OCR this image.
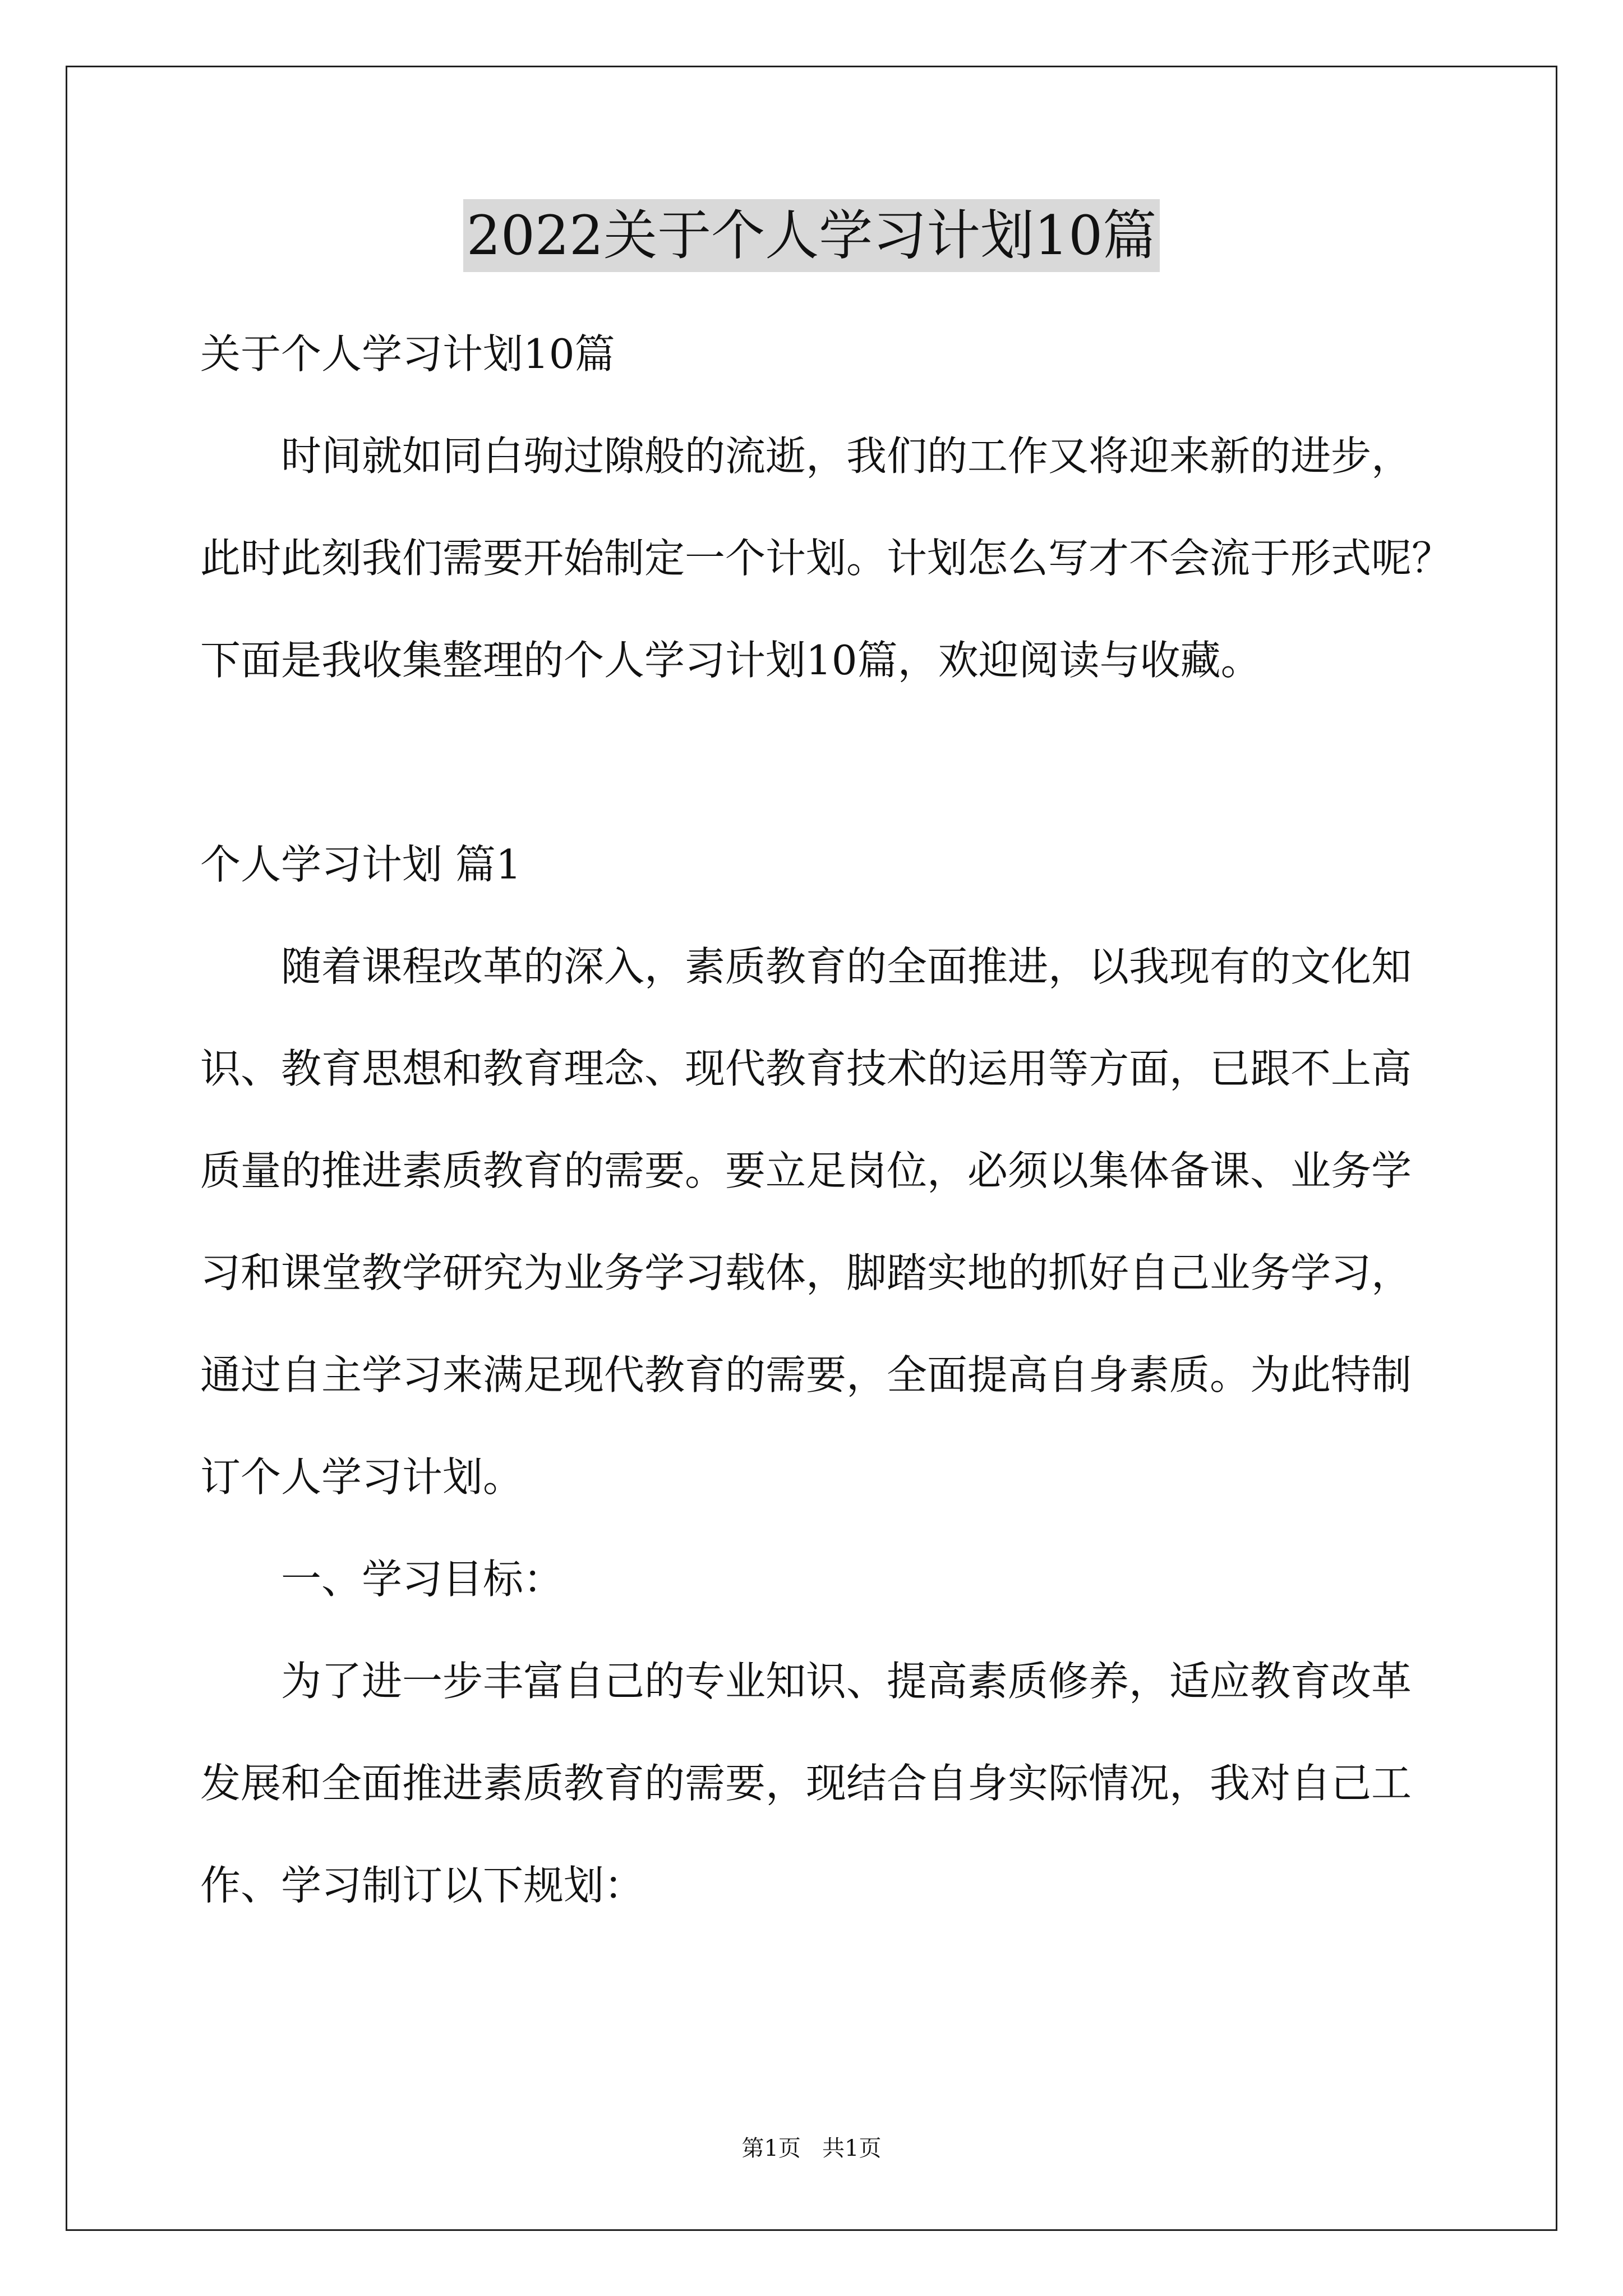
2022关于个人学习计划10篇

关于个人学习计划10篇

时间就如同白驹过隙般的流逝，我们的工作又将迎来新的进步，

此时此刻我们需要开始制定一个计划。计划怎么写才不会流于形式呢？

下面是我收集整理的个人学习计划10篇，欢迎阅读与收藏。

个人学习计划 篇1

随着课程改革的深入，素质教育的全面推进，以我现有的文化知

识、教育思想和教育理念、现代教育技术的运用等方面，已跟不上高

质量的推进素质教育的需要。要立足岗位，必须以集体备课、业务学

习和课堂教学研究为业务学习载体，脚踏实地的抓好自己业务学习，

通过自主学习来满足现代教育的需要，全面提高自身素质。为此特制

订个人学习计划。

一、学习目标：

为了进一步丰富自己的专业知识、提高素质修养，适应教育改革

发展和全面推进素质教育的需要，现结合自身实际情况，我对自己工

作、学习制订以下规划：

第1页   共1页
